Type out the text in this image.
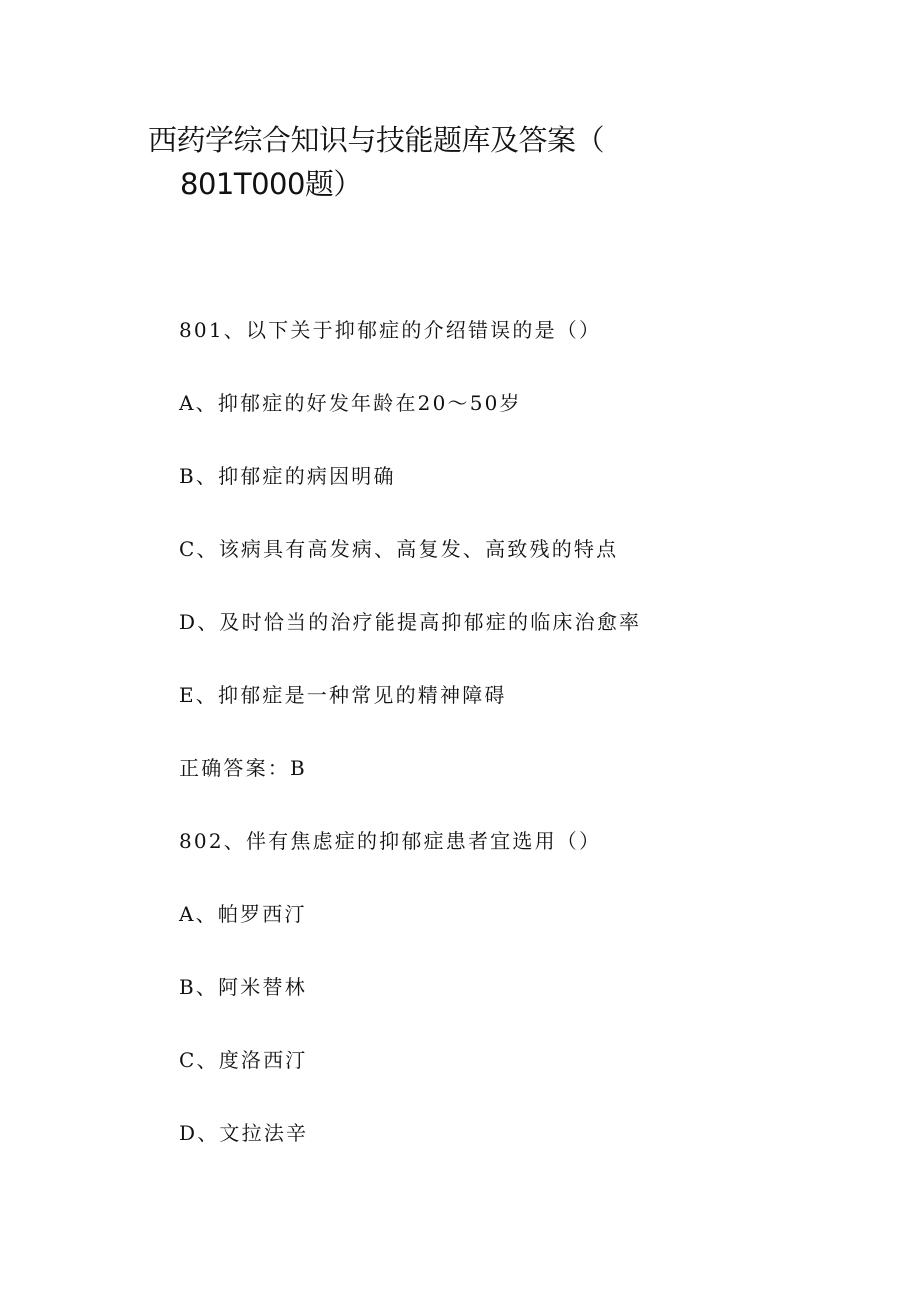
西药学综合知识与技能题库及答案（
801T000题）

801、以下关于抑郁症的介绍错误的是（）

A、抑郁症的好发年龄在20～50岁

B、抑郁症的病因明确

C、该病具有高发病、高复发、高致残的特点

D、及时恰当的治疗能提高抑郁症的临床治愈率

E、抑郁症是一种常见的精神障碍

正确答案：B

802、伴有焦虑症的抑郁症患者宜选用（）

A、帕罗西汀

B、阿米替林

C、度洛西汀

D、文拉法辛
